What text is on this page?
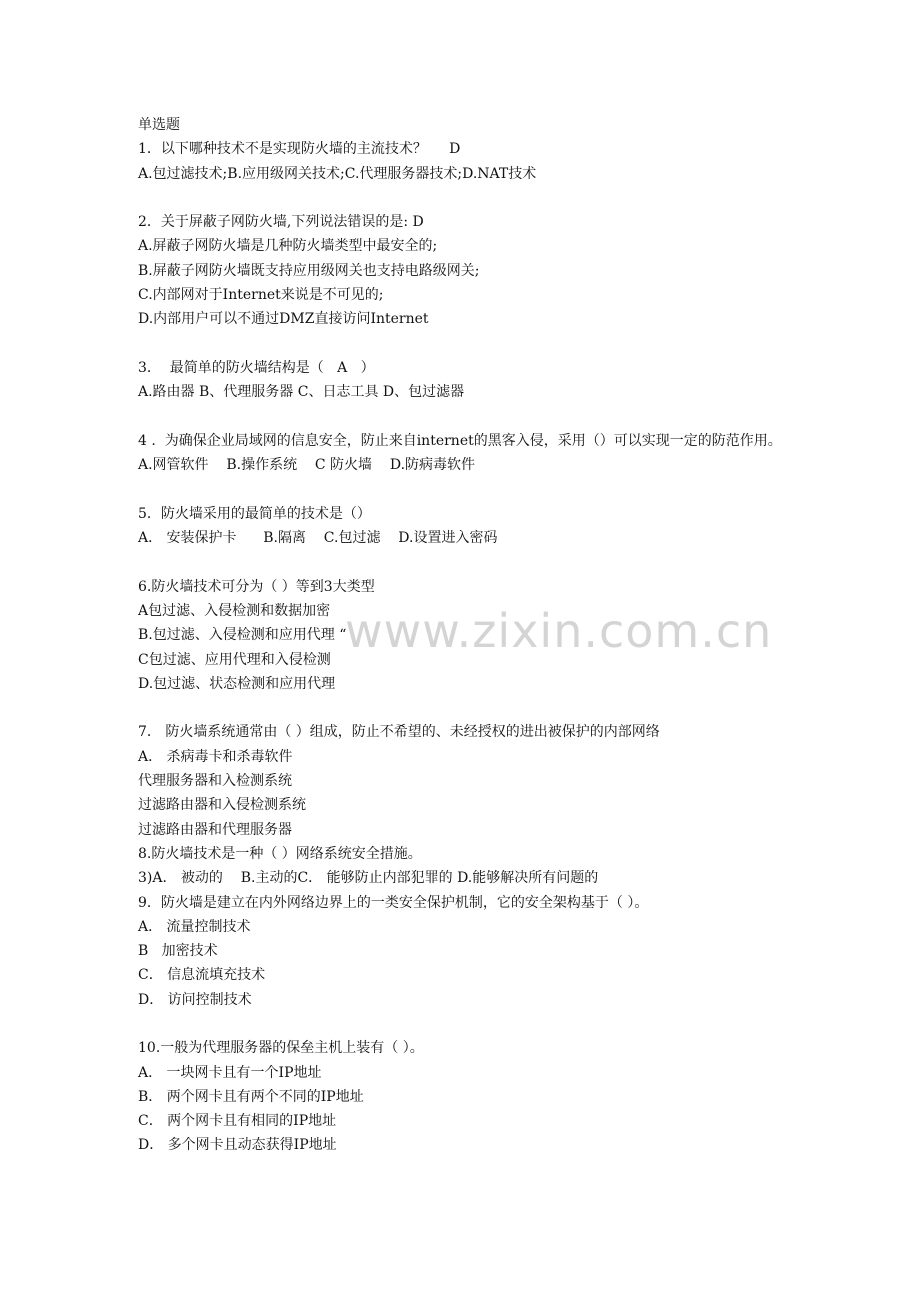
www.zixin.com.cn
单选题
1．以下哪种技术不是实现防火墙的主流技术？     D
A.包过滤技术;B.应用级网关技术;C.代理服务器技术;D.NAT技术
2．关于屏蔽子网防火墙,下列说法错误的是: D
A.屏蔽子网防火墙是几种防火墙类型中最安全的;
B.屏蔽子网防火墙既支持应用级网关也支持电路级网关;
C.内部网对于Internet来说是不可见的;
D.内部用户可以不通过DMZ直接访问Internet
3．  最简单的防火墙结构是（   A   ）
A.路由器 B、代理服务器 C、日志工具 D、包过滤器
4 .  为确保企业局域网的信息安全，防止来自internet的黑客入侵，采用（）可以实现一定的防范作用。
A.网管软件    B.操作系统    C 防火墙    D.防病毒软件
5．防火墙采用的最简单的技术是（）
A． 安装保护卡      B.隔离    C.包过滤    D.设置进入密码
6.防火墙技术可分为（ ）等到3大类型
A包过滤、入侵检测和数据加密
B.包过滤、入侵检测和应用代理 “
C包过滤、应用代理和入侵检测
D.包过滤、状态检测和应用代理
7． 防火墙系统通常由（ ）组成，防止不希望的、未经授权的进出被保护的内部网络
A． 杀病毒卡和杀毒软件
代理服务器和入检测系统
过滤路由器和入侵检测系统
过滤路由器和代理服务器
8.防火墙技术是一种（ ）网络系统安全措施。
3)A． 被动的    B.主动的C． 能够防止内部犯罪的 D.能够解决所有问题的
9．防火墙是建立在内外网络边界上的一类安全保护机制，它的安全架构基于（ ）。
A． 流量控制技术
B   加密技术
C． 信息流填充技术
D． 访问控制技术
10.一般为代理服务器的保垒主机上装有（ ）。
A． 一块网卡且有一个IP地址
B． 两个网卡且有两个不同的IP地址
C． 两个网卡且有相同的IP地址
D． 多个网卡且动态获得IP地址
